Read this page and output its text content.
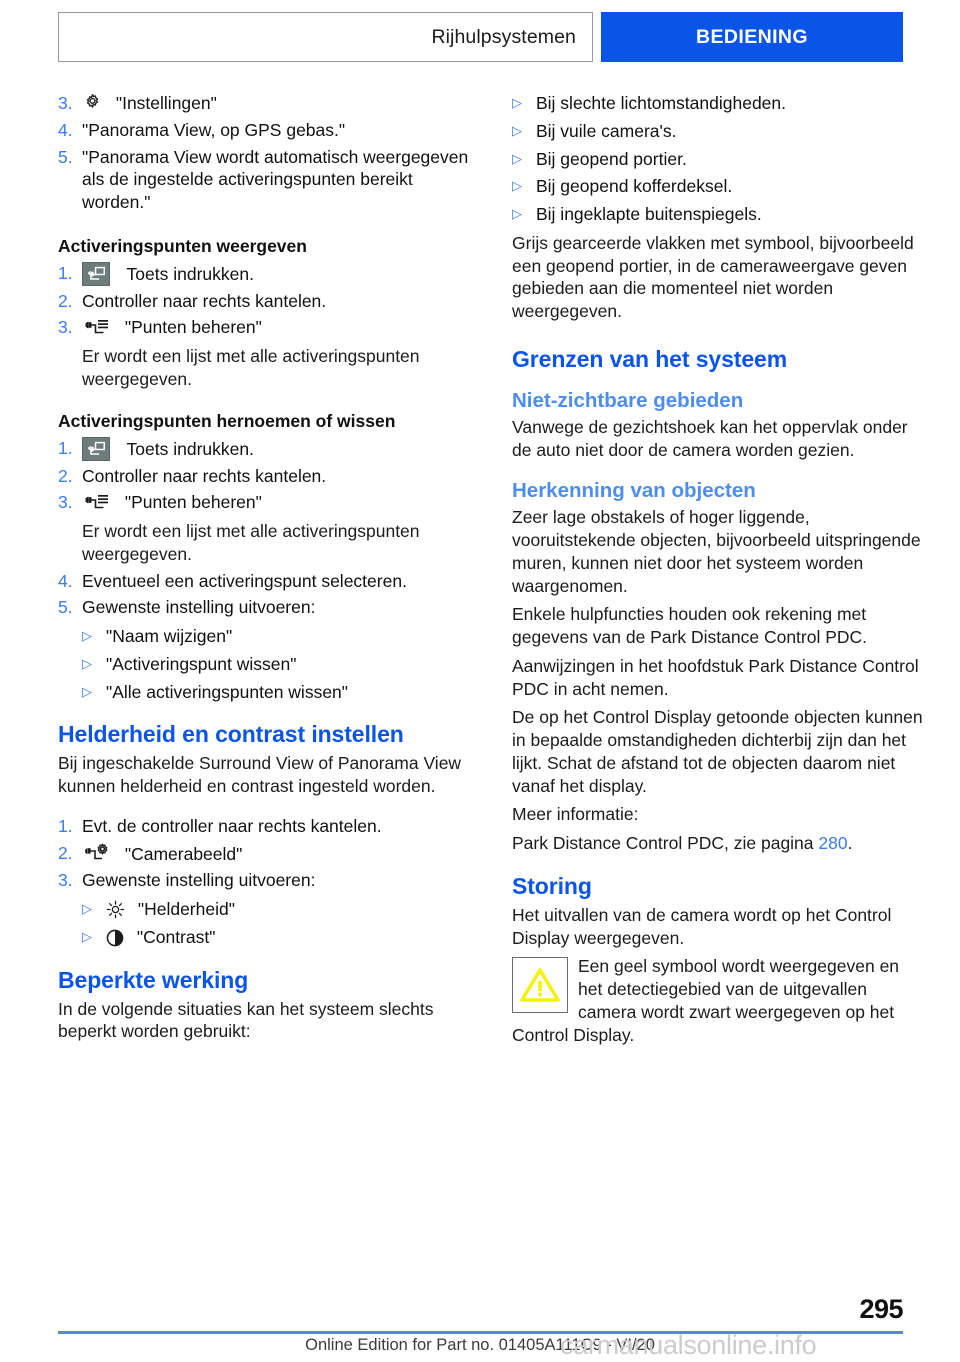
Rijhulpsystemen	BEDIENING
3.	"Instellingen"
4. "Panorama View, op GPS gebas."
5. "Panorama View wordt automatisch weergegeven als de ingestelde activeringspunten bereikt worden."
Activeringspunten weergeven
1.	Toets indrukken.
2. Controller naar rechts kantelen.
3.	"Punten beheren"

Er wordt een lijst met alle activeringspunten weergegeven.

Activeringspunten hernoemen of wissen
1.	Toets indrukken.
2. Controller naar rechts kantelen.
3.	"Punten beheren"

Er wordt een lijst met alle activeringspunten weergegeven.

4. Eventueel een activeringspunt selecteren.
5. Gewenste instelling uitvoeren:
▷ "Naam wijzigen"
▷ "Activeringspunt wissen"
▷ "Alle activeringspunten wissen"
Helderheid en contrast instellen

Bij ingeschakelde Surround View of Panorama View kunnen helderheid en contrast ingesteld worden.

1. Evt. de controller naar rechts kantelen.
2.	"Camerabeeld"
3. Gewenste instelling uitvoeren:
▷	"Helderheid"
▷	"Contrast"
Beperkte werking

In de volgende situaties kan het systeem slechts beperkt worden gebruikt:

▷ Bij slechte lichtomstandigheden.
▷ Bij vuile camera's.
▷ Bij geopend portier.
▷ Bij geopend kofferdeksel.
▷ Bij ingeklapte buitenspiegels.

Grijs gearceerde vlakken met symbool, bijvoorbeeld een geopend portier, in de cameraweergave geven gebieden aan die momenteel niet worden weergegeven.

Grenzen van het systeem
Niet-zichtbare gebieden

Vanwege de gezichtshoek kan het oppervlak onder de auto niet door de camera worden gezien.

Herkenning van objecten

Zeer lage obstakels of hoger liggende, vooruitstekende objecten, bijvoorbeeld uitspringende muren, kunnen niet door het systeem worden waargenomen.

Enkele hulpfuncties houden ook rekening met gegevens van de Park Distance Control PDC.

Aanwijzingen in het hoofdstuk Park Distance Control PDC in acht nemen.

De op het Control Display getoonde objecten kunnen in bepaalde omstandigheden dichterbij zijn dan het lijkt. Schat de afstand tot de objecten daarom niet vanaf het display.

Meer informatie:

Park Distance Control PDC, zie pagina 280.

Storing

Het uitvallen van de camera wordt op het Control Display weergegeven.

Een geel symbool wordt weergegeven en het detectiegebied van de uitgevallen camera wordt zwart weergegeven op het

Control Display.

295
Online Edition for Part no. 01405A111C9 - VI/20
carmanualsonline.info
